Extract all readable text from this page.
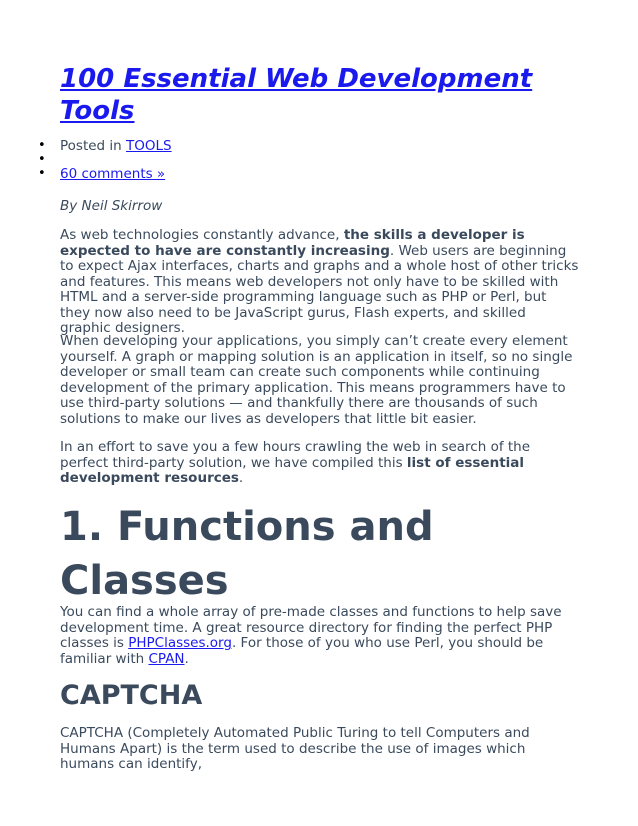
100 Essential Web Development Tools
• Posted in TOOLS
•
• 60 comments »
By Neil Skirrow

As web technologies constantly advance, the skills a developer is expected to have are constantly increasing. Web users are beginning to expect Ajax interfaces, charts and graphs and a whole host of other tricks and features. This means web developers not only have to be skilled with HTML and a server-side programming language such as PHP or Perl, but they now also need to be JavaScript gurus, Flash experts, and skilled graphic designers.

When developing your applications, you simply can’t create every element yourself. A graph or mapping solution is an application in itself, so no single developer or small team can create such components while continuing development of the primary application. This means programmers have to use third-party solutions — and thankfully there are thousands of such solutions to make our lives as developers that little bit easier.

In an effort to save you a few hours crawling the web in search of the perfect third-party solution, we have compiled this list of essential development resources.

1. Functions and Classes

You can find a whole array of pre-made classes and functions to help save development time. A great resource directory for finding the perfect PHP classes is PHPClasses.org. For those of you who use Perl, you should be familiar with CPAN.

CAPTCHA

CAPTCHA (Completely Automated Public Turing to tell Computers and Humans Apart) is the term used to describe the use of images which humans can identify,
